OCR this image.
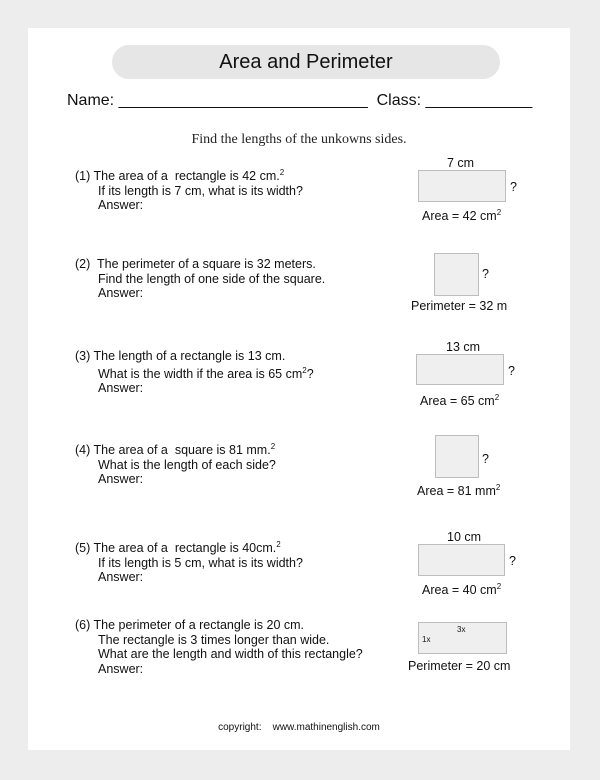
Area and Perimeter
Name: ____________________________ Class: ____________
Find the lengths of the unkowns sides.
(1) The area of a  rectangle is 42 cm.$^2$
If its length is 7 cm, what is its width?
Answer:
7 cm
?
Area = 42 $cm^2$
(2)  The perimeter of a square is 32 meters.
Find the length of one side of the square.
Answer:
?
Perimeter = 32 m
(3) The length of a rectangle is 13 cm.
What is the width if the area is 65 $cm^2$?
Answer:
13 cm
?
Area = 65 $cm^2$
(4) The area of a  square is 81 mm.$^2$
What is the length of each side?
Answer:
?
Area = 81 $mm^2$
(5) The area of a  rectangle is 40cm.$^2$
If its length is 5 cm, what is its width?
Answer:
10 cm
?
Area = 40 $cm^2$
(6) The perimeter of a rectangle is 20 cm.
The rectangle is 3 times longer than wide.
What are the length and width of this rectangle?
Answer:
1x
3x
Perimeter = 20 cm
copyright:    www.mathinenglish.com
